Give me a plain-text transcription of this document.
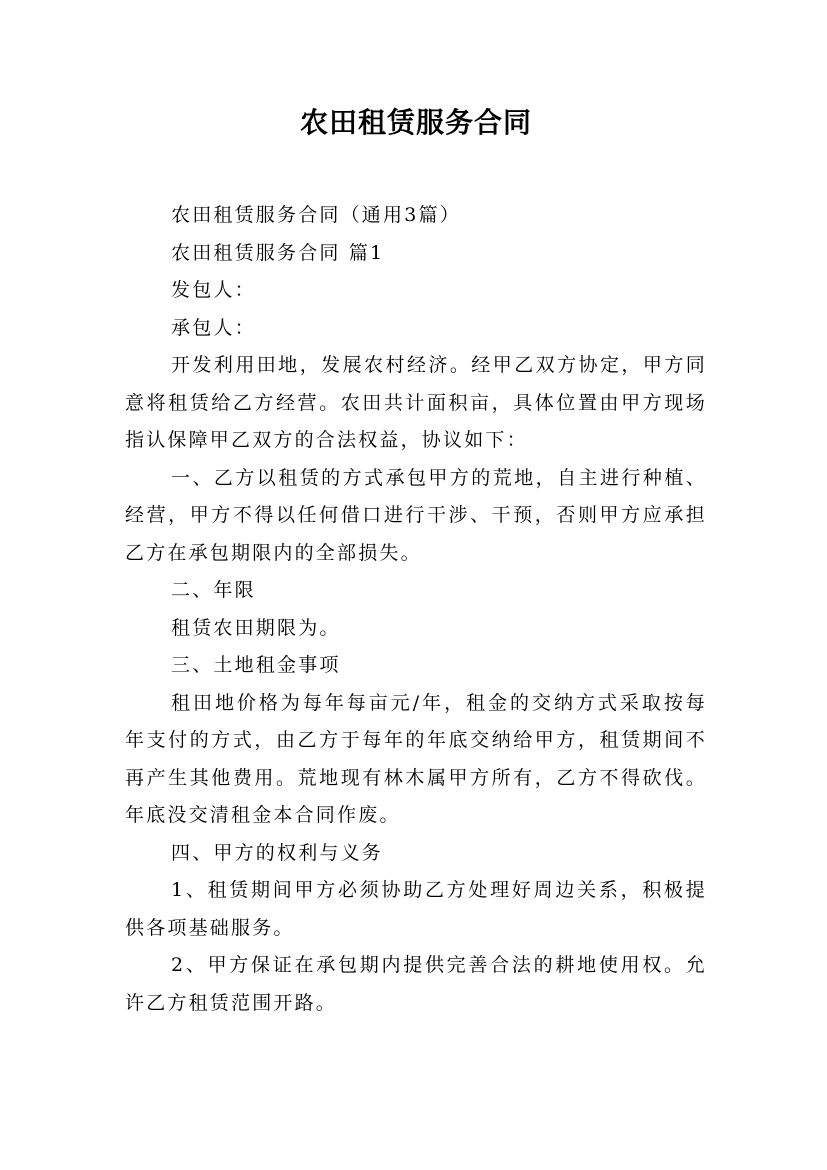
农田租赁服务合同

农田租赁服务合同（通用3篇）

农田租赁服务合同 篇1

发包人：

承包人：

开发利用田地，发展农村经济。经甲乙双方协定，甲方同意将租赁给乙方经营。农田共计面积亩，具体位置由甲方现场指认保障甲乙双方的合法权益，协议如下：

一、乙方以租赁的方式承包甲方的荒地，自主进行种植、经营，甲方不得以任何借口进行干涉、干预，否则甲方应承担乙方在承包期限内的全部损失。

二、年限

租赁农田期限为。

三、土地租金事项

租田地价格为每年每亩元/年，租金的交纳方式采取按每年支付的方式，由乙方于每年的年底交纳给甲方，租赁期间不再产生其他费用。荒地现有林木属甲方所有，乙方不得砍伐。年底没交清租金本合同作废。

四、甲方的权利与义务

1、租赁期间甲方必须协助乙方处理好周边关系，积极提供各项基础服务。

2、甲方保证在承包期内提供完善合法的耕地使用权。允许乙方租赁范围开路。
